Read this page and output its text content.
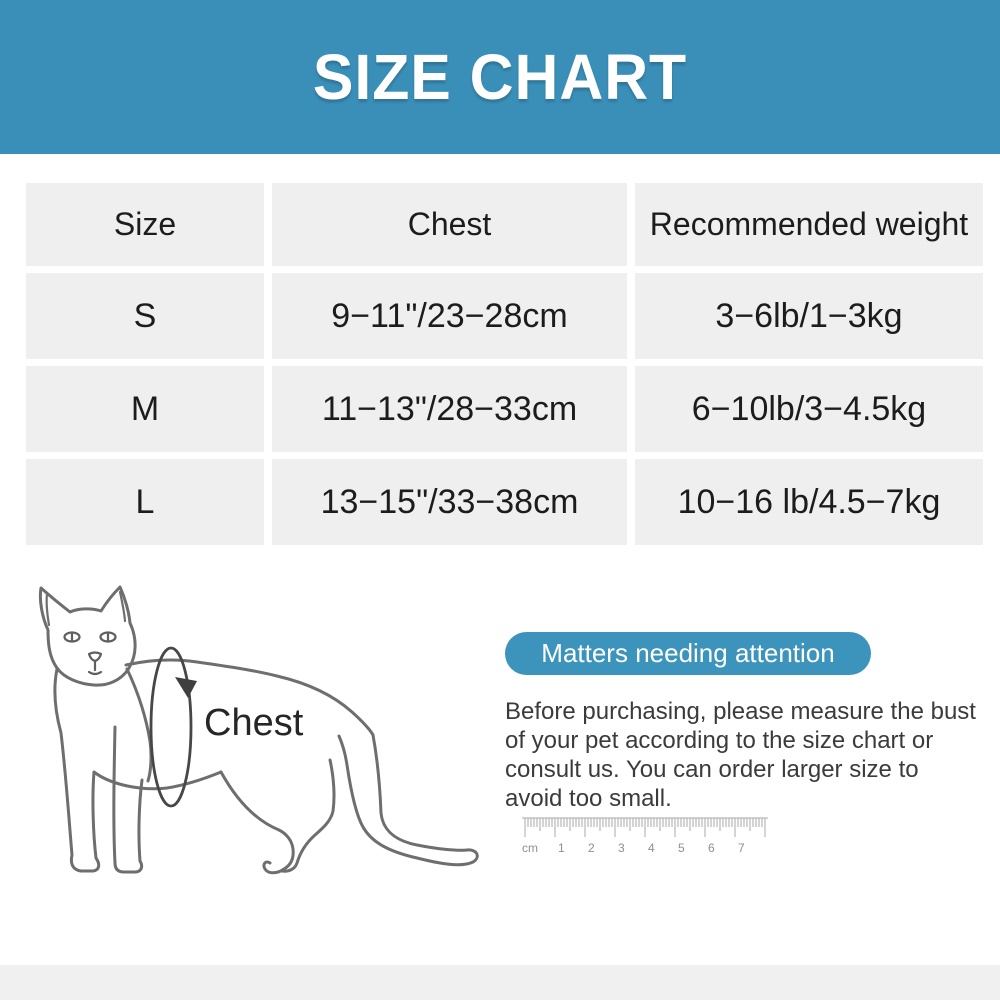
SIZE CHART
Size	Chest	Recommended weight
S	9−11"/23−28cm	3−6lb/1−3kg
M	11−13"/28−33cm	6−10lb/3−4.5kg
L	13−15"/33−38cm	10−16 lb/4.5−7kg
Chest
Matters needing attention
Before purchasing, please measure the bust
of your pet according to the size chart or
consult us. You can order larger size to
avoid too small.
cm 1 2 3 4 5 6 7
